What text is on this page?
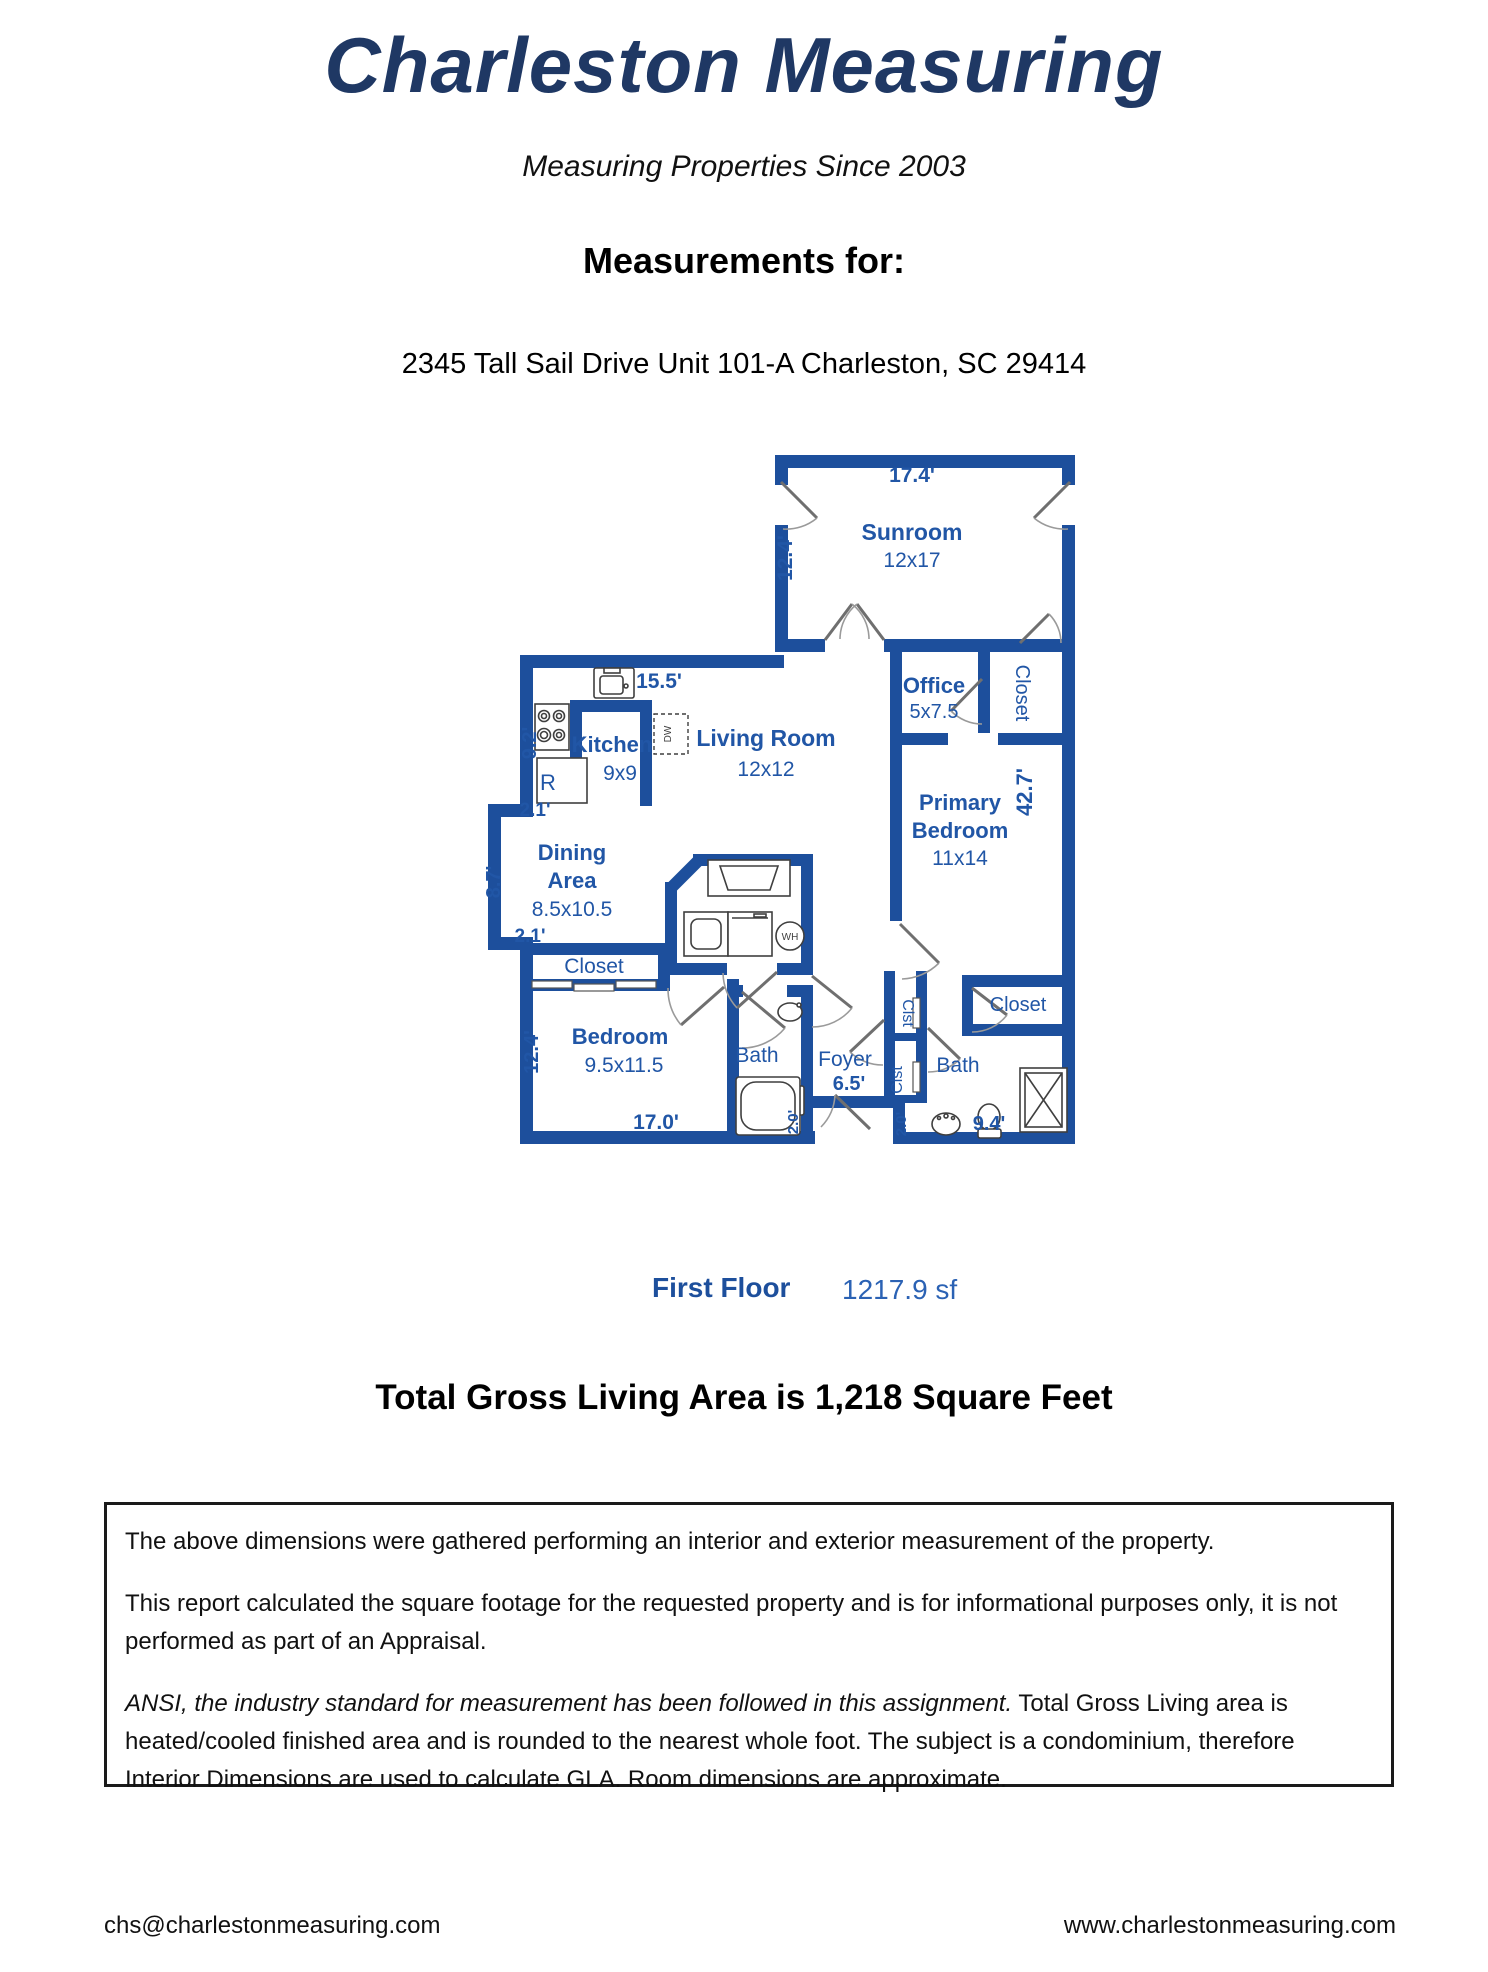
Charleston Measuring
Measuring Properties Since 2003
Measurements for:
2345 Tall Sail Drive Unit 101-A Charleston, SC 29414
17.4'
12.4'
15.5'
9.2'
2.1'
8.7'
2.1'
12.4'
17.0'
6.5'
2.0'	2.0'	9.4'
42.7'
Sunroom
12x17
Office
5x7.5	Closet
Primary
Bedroom
11x14
Living Room
12x12
Kitchen
9x9
R
Dining
Area
8.5x10.5
Closet
Bedroom
9.5x11.5	Bath Foyer
Clst
Clst
Closet
Bath
WH
DW
First Floor 1217.9 sf
Total Gross Living Area is 1,218 Square Feet

The above dimensions were gathered performing an interior and exterior measurement of the property.

This report calculated the square footage for the requested property and is for informational purposes only, it is not performed as part of an Appraisal.

ANSI, the industry standard for measurement has been followed in this assignment. Total Gross Living area is heated/cooled finished area and is rounded to the nearest whole foot. The subject is a condominium, therefore Interior Dimensions are used to calculate GLA. Room dimensions are approximate.

chs@charlestonmeasuring.com	www.charlestonmeasuring.com
